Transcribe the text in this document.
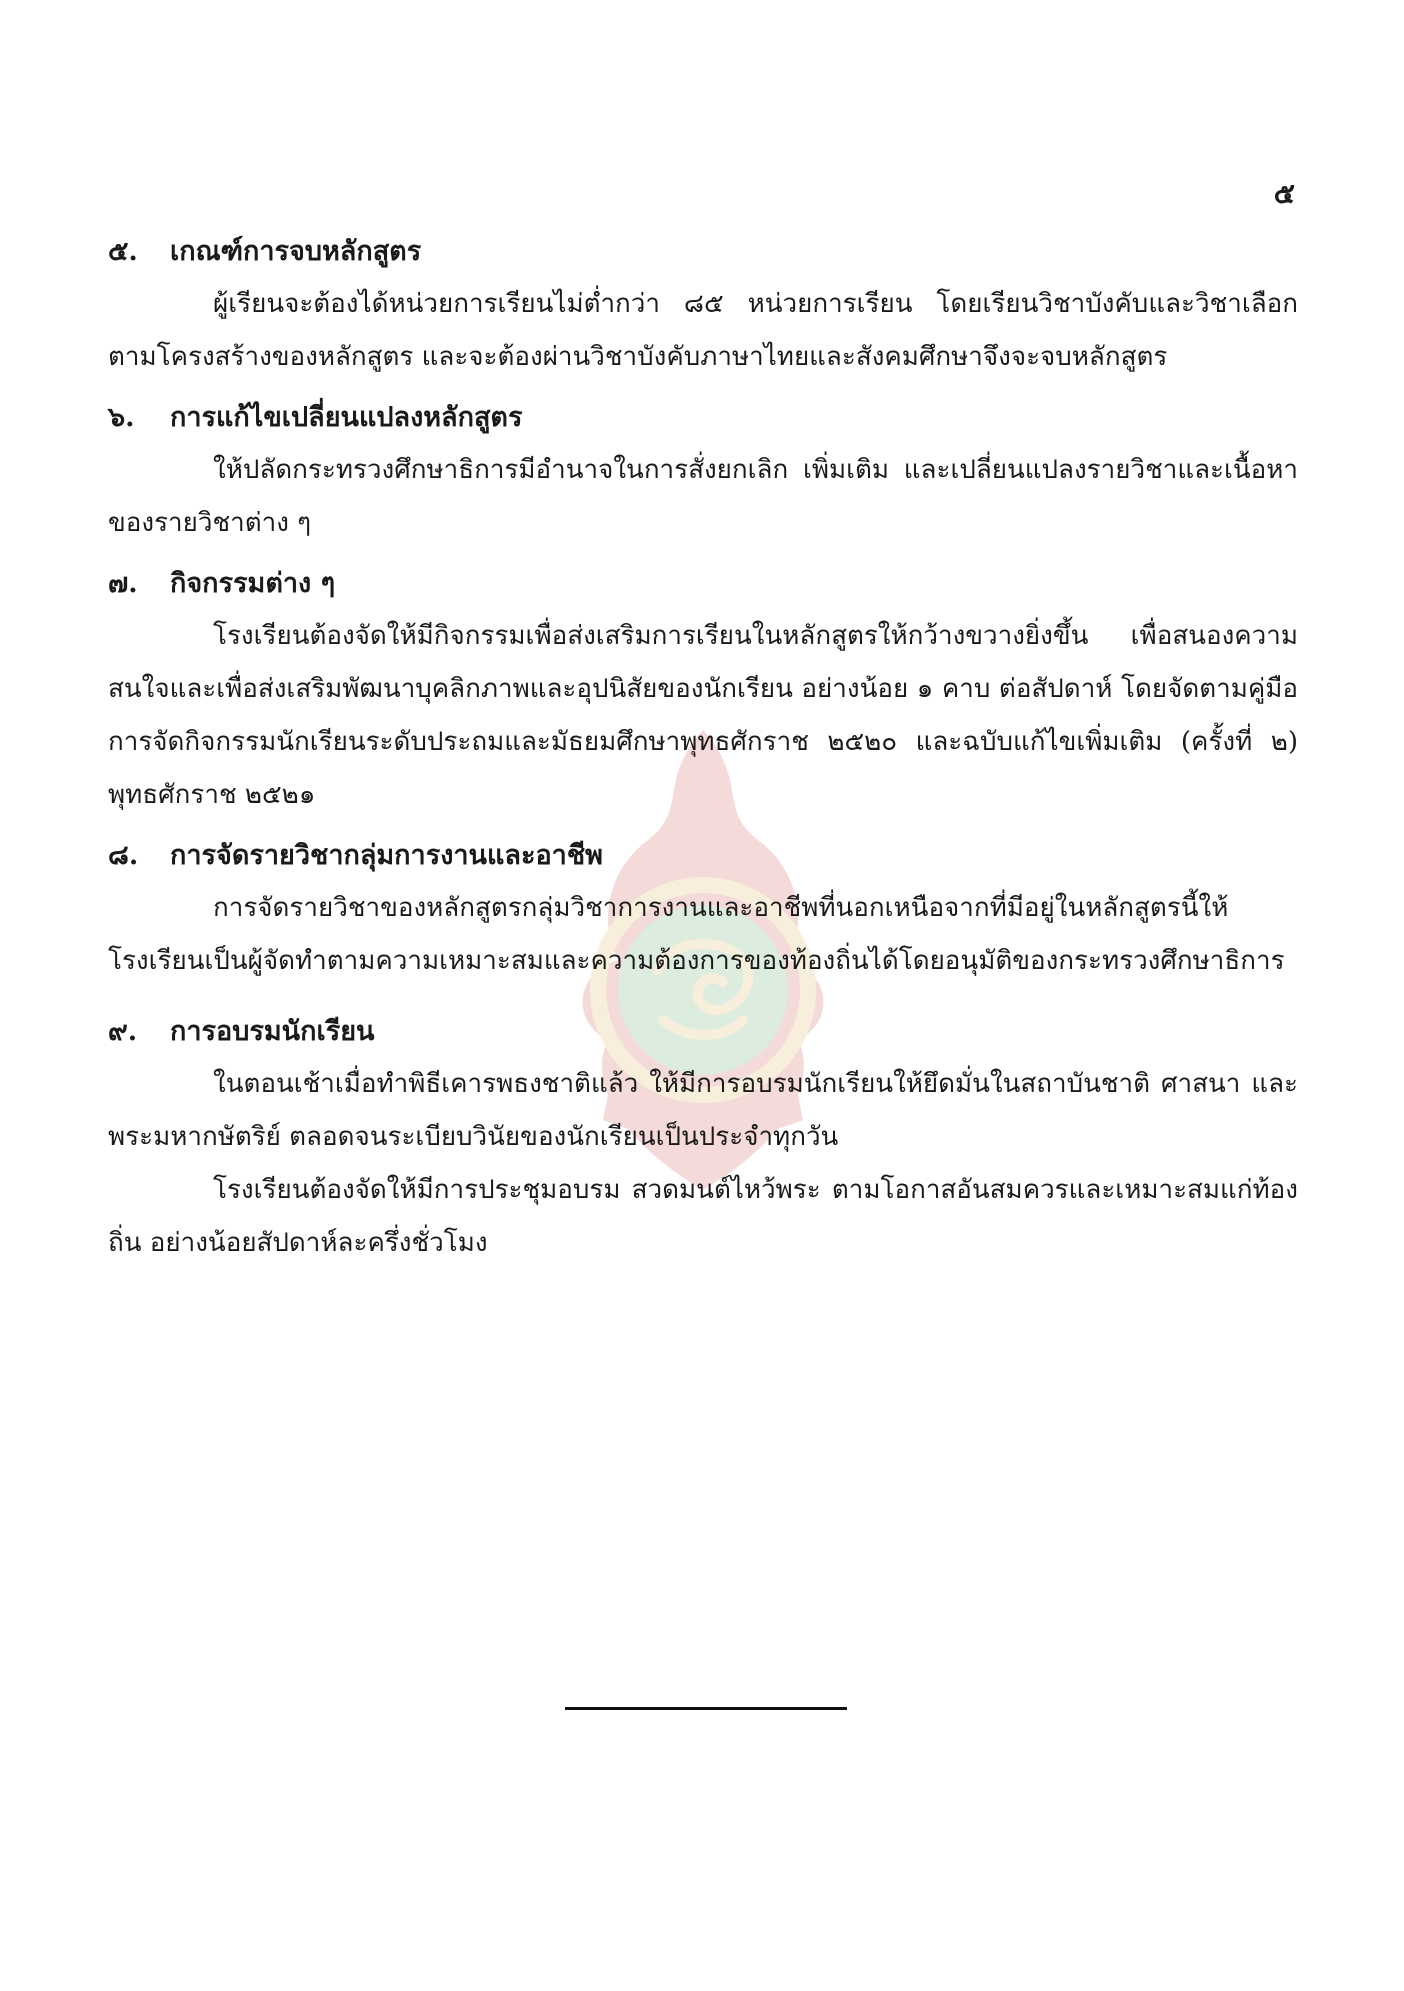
๕
๕. เกณฑ์การจบหลักสูตร

ผู้เรียนจะต้องได้หน่วยการเรียนไม่ต่ำกว่า ๘๕ หน่วยการเรียน โดยเรียนวิชาบังคับและวิชาเลือกตามโครงสร้างของหลักสูตร และจะต้องผ่านวิชาบังคับภาษาไทยและสังคมศึกษาจึงจะจบหลักสูตร

๖. การแก้ไขเปลี่ยนแปลงหลักสูตร

ให้ปลัดกระทรวงศึกษาธิการมีอำนาจในการสั่งยกเลิก เพิ่มเติม และเปลี่ยนแปลงรายวิชาและเนื้อหาของรายวิชาต่าง ๆ

๗. กิจกรรมต่าง ๆ

โรงเรียนต้องจัดให้มีกิจกรรมเพื่อส่งเสริมการเรียนในหลักสูตรให้กว้างขวางยิ่งขึ้น เพื่อสนองความสนใจและเพื่อส่งเสริมพัฒนาบุคลิกภาพและอุปนิสัยของนักเรียน อย่างน้อย ๑ คาบ ต่อสัปดาห์ โดยจัดตามคู่มือการจัดกิจกรรมนักเรียนระดับประถมและมัธยมศึกษาพุทธศักราช ๒๕๒๐ และฉบับแก้ไขเพิ่มเติม (ครั้งที่ ๒) พุทธศักราช ๒๕๒๑

๘. การจัดรายวิชากลุ่มการงานและอาชีพ

การจัดรายวิชาของหลักสูตรกลุ่มวิชาการงานและอาชีพที่นอกเหนือจากที่มีอยู่ในหลักสูตรนี้ให้โรงเรียนเป็นผู้จัดทำตามความเหมาะสมและความต้องการของท้องถิ่นได้โดยอนุมัติของกระทรวงศึกษาธิการ

๙. การอบรมนักเรียน

ในตอนเช้าเมื่อทำพิธีเคารพธงชาติแล้ว ให้มีการอบรมนักเรียนให้ยึดมั่นในสถาบันชาติ ศาสนา และพระมหากษัตริย์ ตลอดจนระเบียบวินัยของนักเรียนเป็นประจำทุกวัน

โรงเรียนต้องจัดให้มีการประชุมอบรม สวดมนต์ไหว้พระ ตามโอกาสอันสมควรและเหมาะสมแก่ท้องถิ่น อย่างน้อยสัปดาห์ละครึ่งชั่วโมง
